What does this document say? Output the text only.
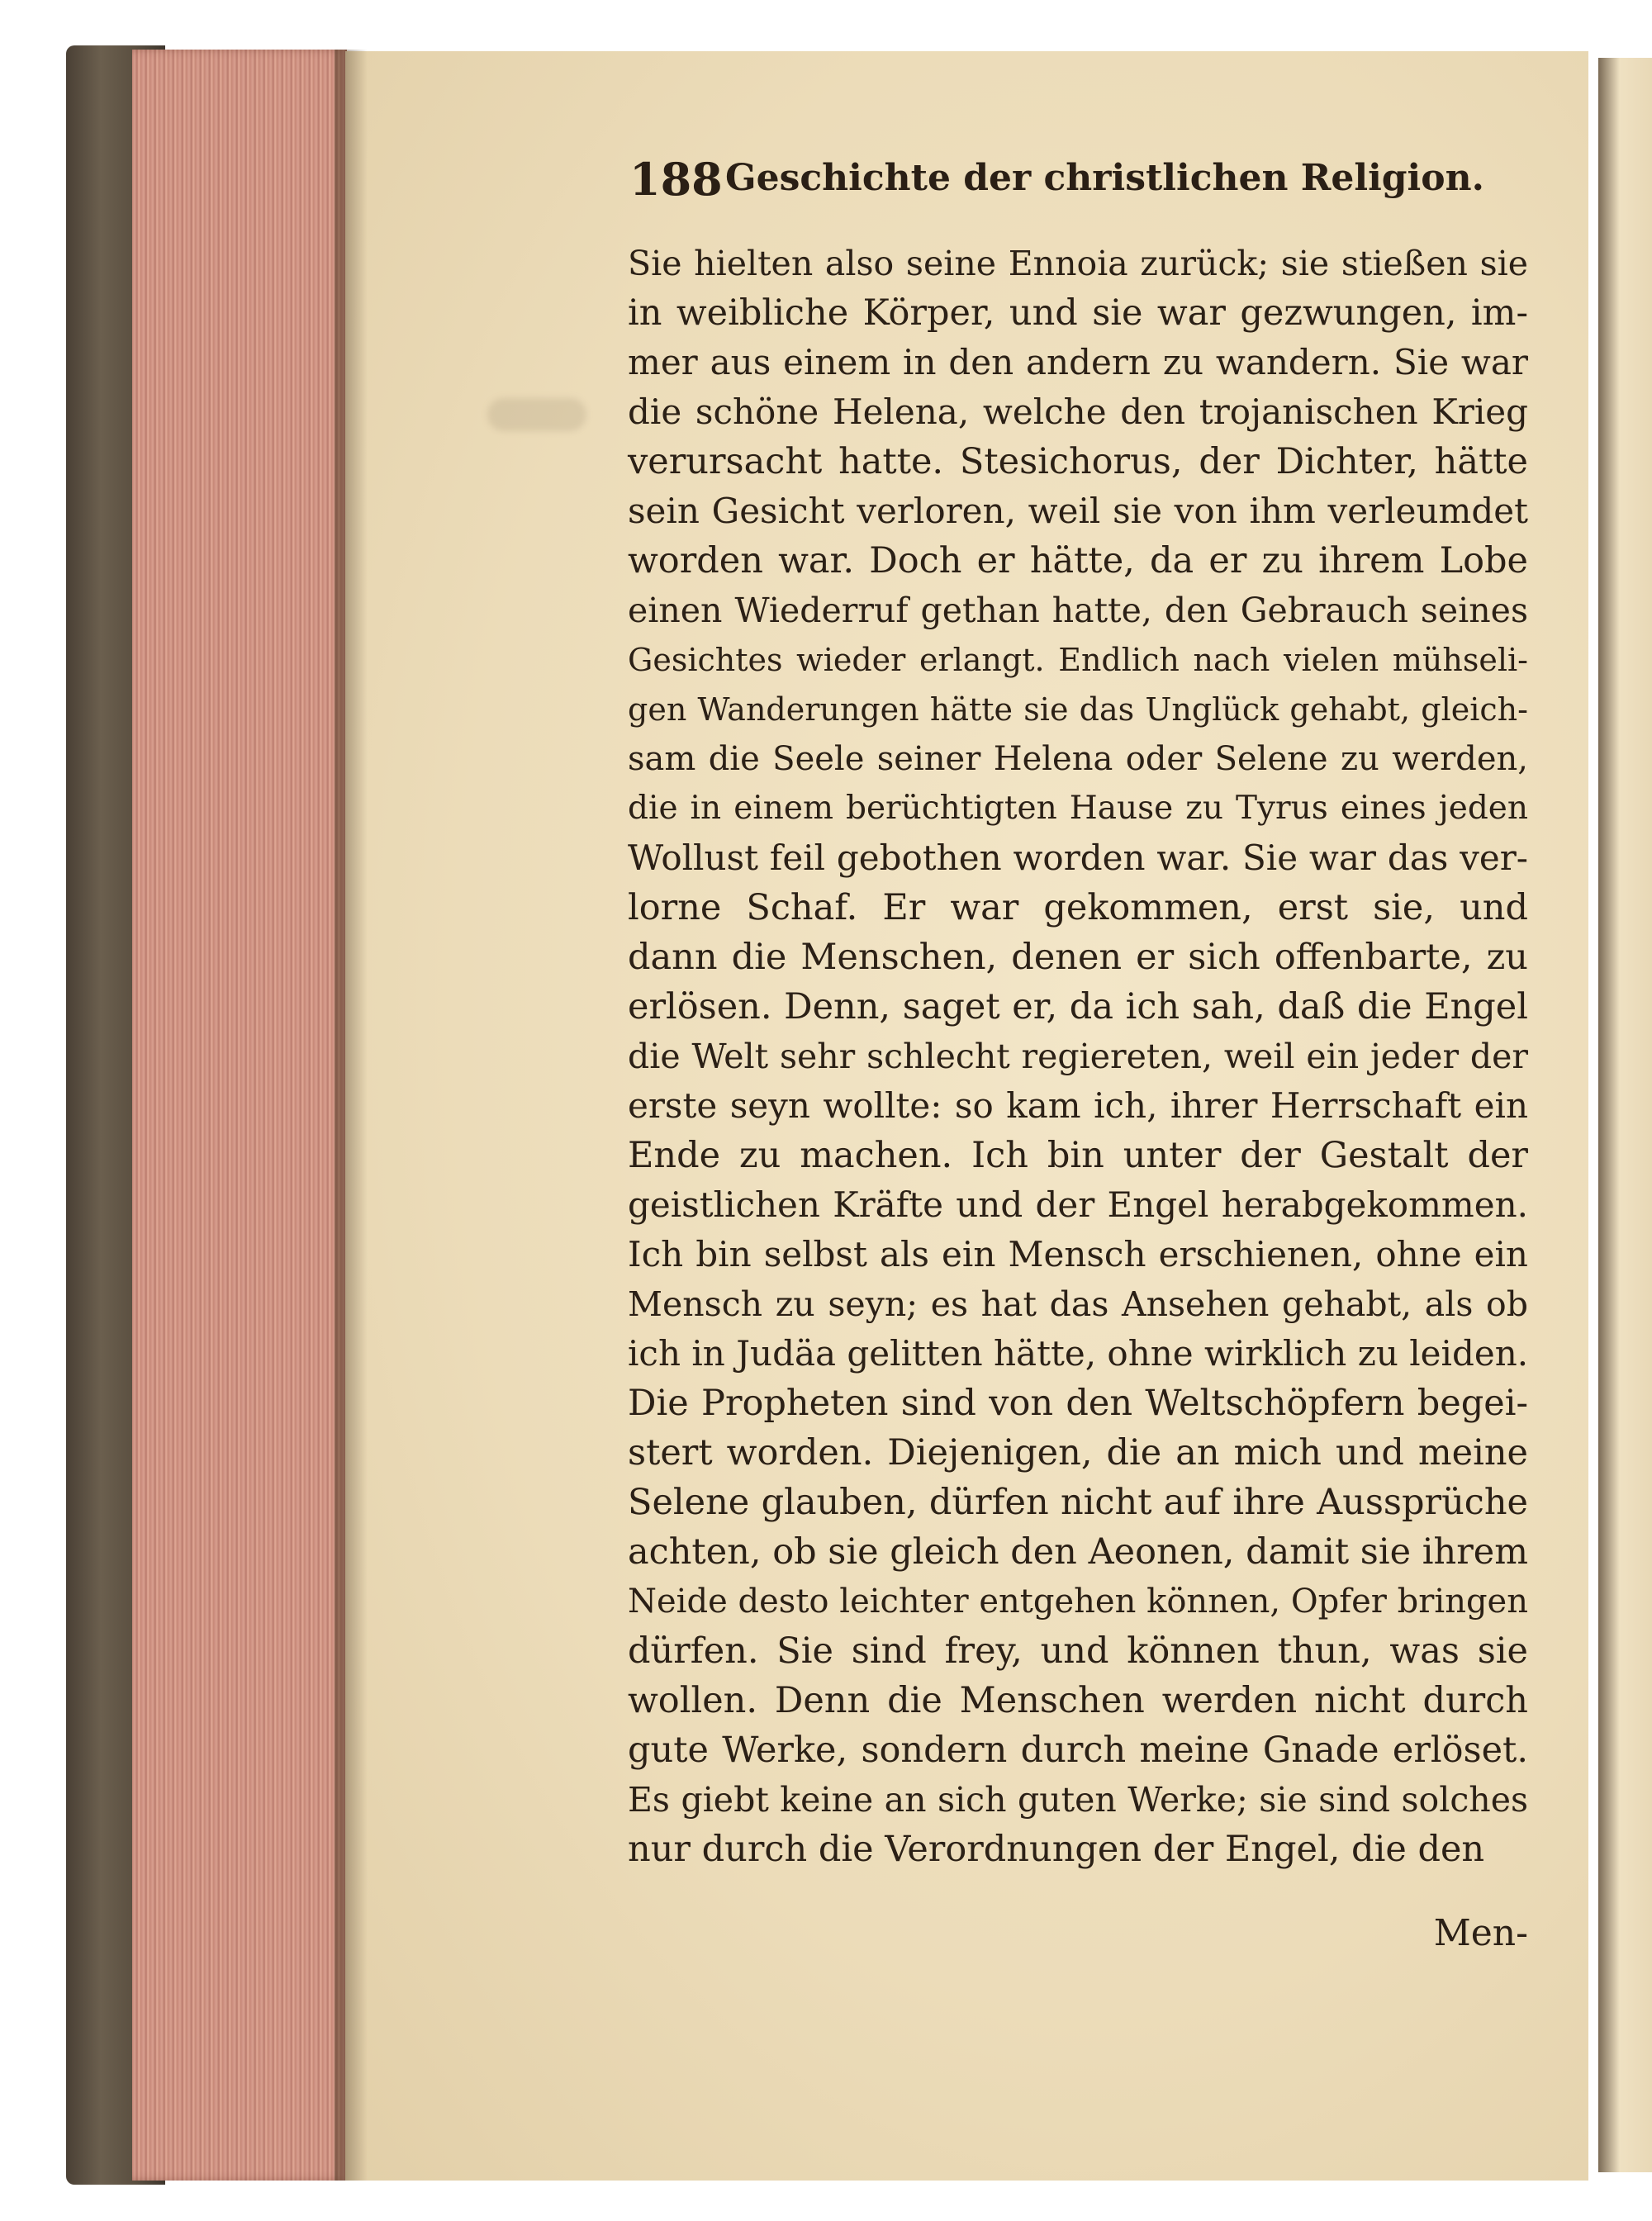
188 Geschichte der christlichen Religion.
Sie hielten also seine Ennoia zurück; sie stießen sie
in weibliche Körper, und sie war gezwungen, im-
mer aus einem in den andern zu wandern. Sie war
die schöne Helena, welche den trojanischen Krieg
verursacht hatte. Stesichorus, der Dichter, hätte
sein Gesicht verloren, weil sie von ihm verleumdet
worden war. Doch er hätte, da er zu ihrem Lobe
einen Wiederruf gethan hatte, den Gebrauch seines
Gesichtes wieder erlangt. Endlich nach vielen mühseli-
gen Wanderungen hätte sie das Unglück gehabt, gleich-
sam die Seele seiner Helena oder Selene zu werden,
die in einem berüchtigten Hause zu Tyrus eines jeden
Wollust feil gebothen worden war. Sie war das ver-
lorne Schaf. Er war gekommen, erst sie, und
dann die Menschen, denen er sich offenbarte, zu
erlösen. Denn, saget er, da ich sah, daß die Engel
die Welt sehr schlecht regiereten, weil ein jeder der
erste seyn wollte: so kam ich, ihrer Herrschaft ein
Ende zu machen. Ich bin unter der Gestalt der
geistlichen Kräfte und der Engel herabgekommen.
Ich bin selbst als ein Mensch erschienen, ohne ein
Mensch zu seyn; es hat das Ansehen gehabt, als ob
ich in Judäa gelitten hätte, ohne wirklich zu leiden.
Die Propheten sind von den Weltschöpfern begei-
stert worden. Diejenigen, die an mich und meine
Selene glauben, dürfen nicht auf ihre Aussprüche
achten, ob sie gleich den Aeonen, damit sie ihrem
Neide desto leichter entgehen können, Opfer bringen
dürfen. Sie sind frey, und können thun, was sie
wollen. Denn die Menschen werden nicht durch
gute Werke, sondern durch meine Gnade erlöset.
Es giebt keine an sich guten Werke; sie sind solches
nur durch die Verordnungen der Engel, die den
Men-
